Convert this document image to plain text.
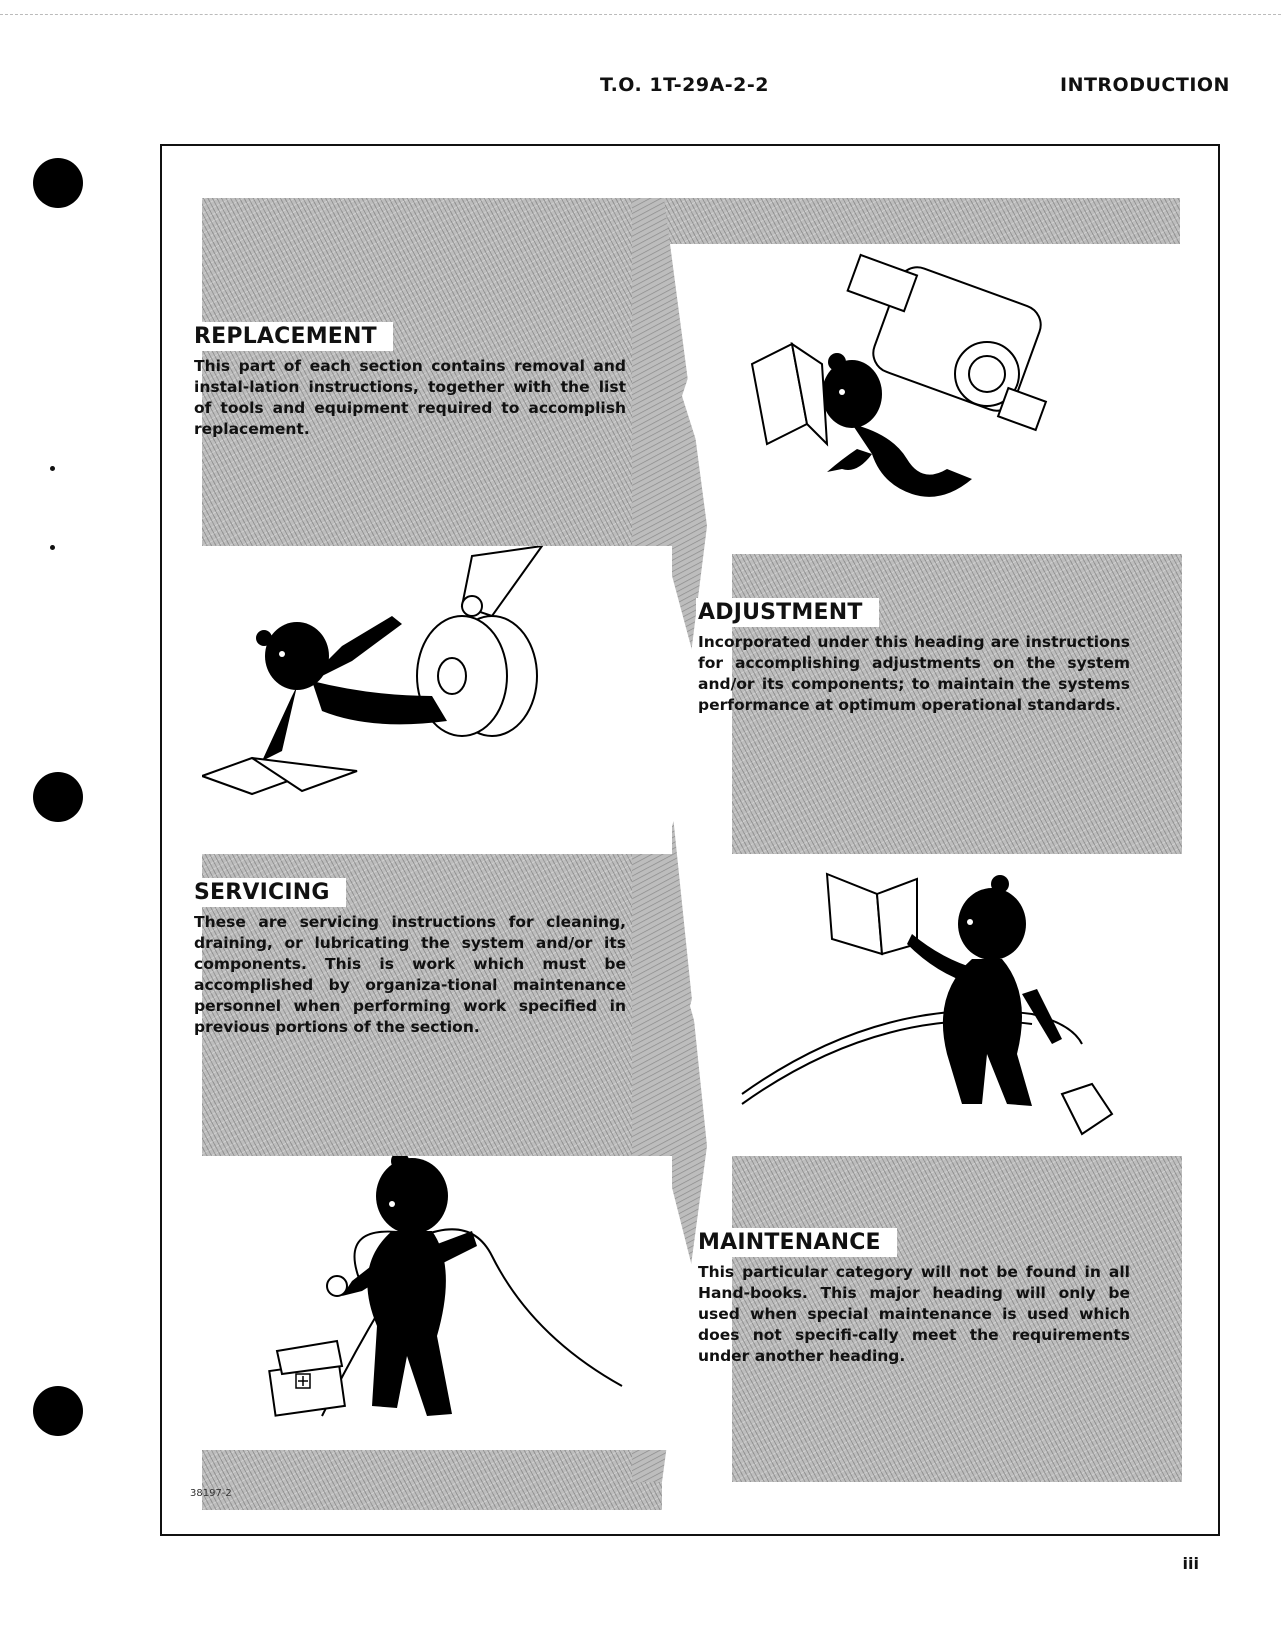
T.O. 1T-29A-2-2	INTRODUCTION
REPLACEMENT
This part of each section contains removal and instal-lation instructions, together with the list of tools and equipment required to accomplish replacement.
ADJUSTMENT
Incorporated under this heading are instructions for accomplishing adjustments on the system and/or its components; to maintain the systems performance at optimum operational standards.
SERVICING
These are servicing instructions for cleaning, draining, or lubricating the system and/or its components. This is work which must be accomplished by organiza-tional maintenance personnel when performing work specified in previous portions of the section.
MAINTENANCE
This particular category will not be found in all Hand-books. This major heading will only be used when special maintenance is used which does not specifi-cally meet the requirements under another heading.
38197-2
iii
